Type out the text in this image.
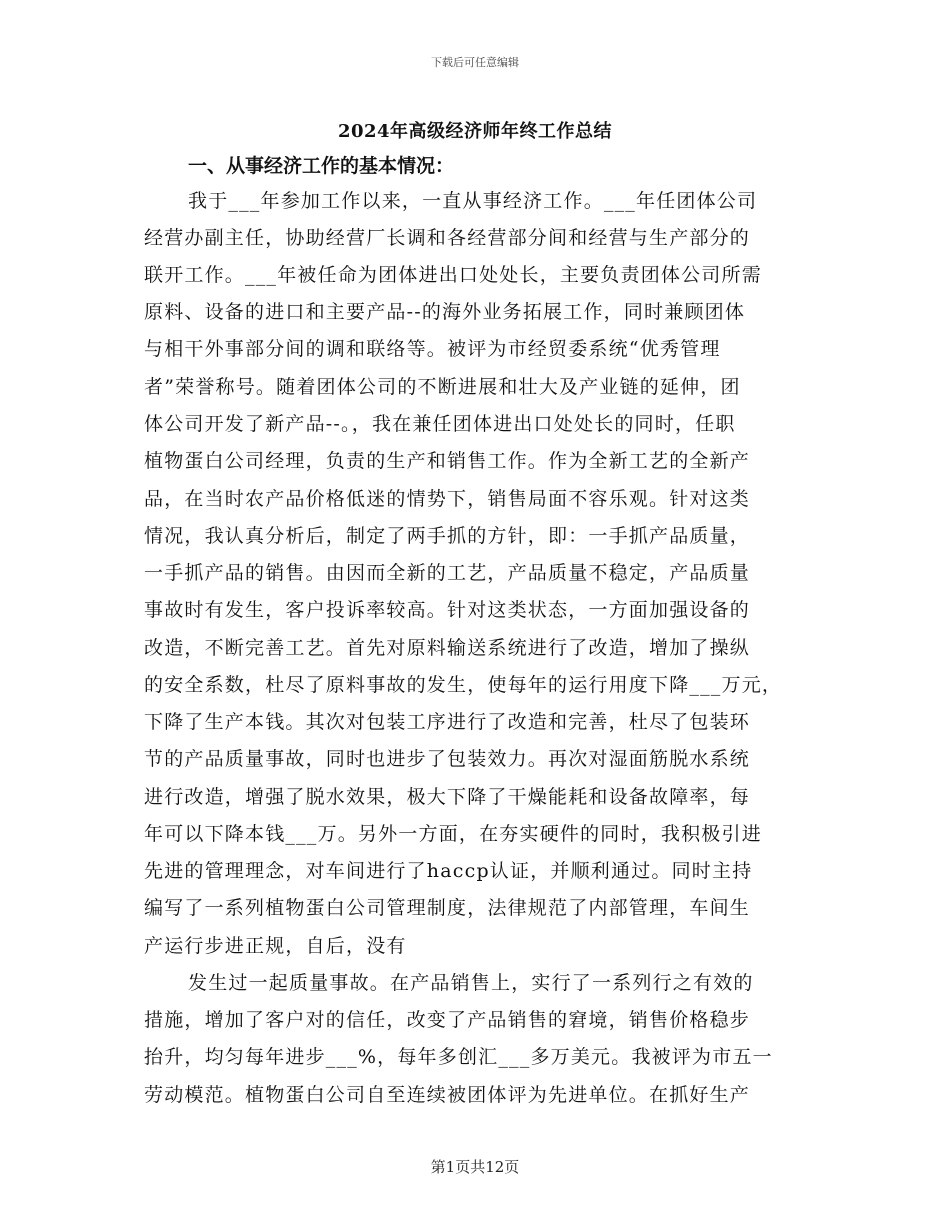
下载后可任意编辑
2024年高级经济师年终工作总结
一、从事经济工作的基本情况：
我于___年参加工作以来，一直从事经济工作。___年任团体公司
经营办副主任，协助经营厂长调和各经营部分间和经营与生产部分的
联开工作。___年被任命为团体进出口处处长，主要负责团体公司所需
原料、设备的进口和主要产品--的海外业务拓展工作，同时兼顾团体
与相干外事部分间的调和联络等。被评为市经贸委系统“优秀管理
者”荣誉称号。随着团体公司的不断进展和壮大及产业链的延伸，团
体公司开发了新产品--。，我在兼任团体进出口处处长的同时，任职
植物蛋白公司经理，负责的生产和销售工作。作为全新工艺的全新产
品，在当时农产品价格低迷的情势下，销售局面不容乐观。针对这类
情况，我认真分析后，制定了两手抓的方针，即：一手抓产品质量，
一手抓产品的销售。由因而全新的工艺，产品质量不稳定，产品质量
事故时有发生，客户投诉率较高。针对这类状态，一方面加强设备的
改造，不断完善工艺。首先对原料输送系统进行了改造，增加了操纵
的安全系数，杜尽了原料事故的发生，使每年的运行用度下降___万元，
下降了生产本钱。其次对包装工序进行了改造和完善，杜尽了包装环
节的产品质量事故，同时也进步了包装效力。再次对湿面筋脱水系统
进行改造，增强了脱水效果，极大下降了干燥能耗和设备故障率，每
年可以下降本钱___万。另外一方面，在夯实硬件的同时，我积极引进
先进的管理理念，对车间进行了haccp认证，并顺利通过。同时主持
编写了一系列植物蛋白公司管理制度，法律规范了内部管理，车间生
产运行步进正规，自后，没有
发生过一起质量事故。在产品销售上，实行了一系列行之有效的
措施，增加了客户对的信任，改变了产品销售的窘境，销售价格稳步
抬升，均匀每年进步___%，每年多创汇___多万美元。我被评为市五一
劳动模范。植物蛋白公司自至连续被团体评为先进单位。在抓好生产
第1页共12页
